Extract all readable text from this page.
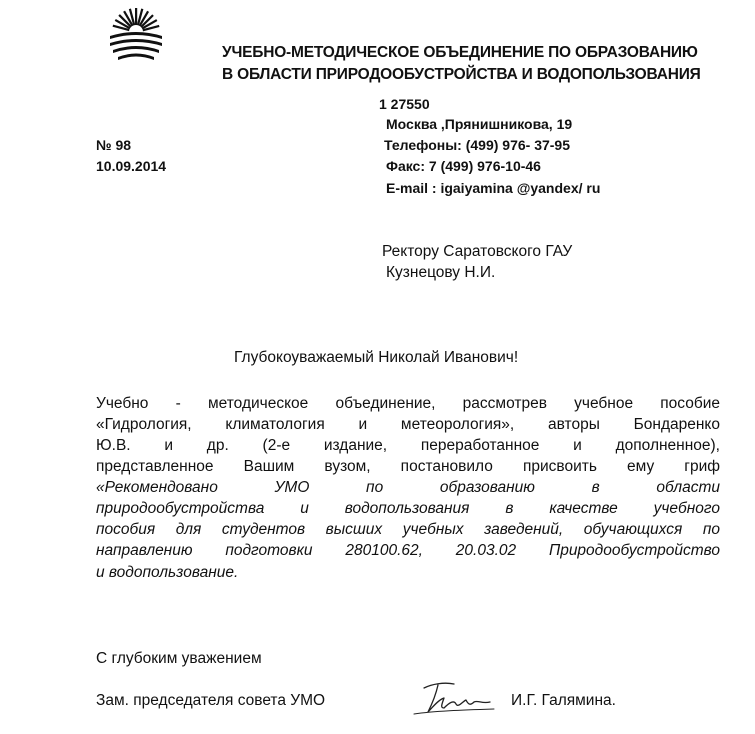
УЧЕБНО-МЕТОДИЧЕСКОЕ ОБЪЕДИНЕНИЕ ПО ОБРАЗОВАНИЮ
В ОБЛАСТИ ПРИРОДООБУСТРОЙСТВА И ВОДОПОЛЬЗОВАНИЯ
1 27550
Москва ,Прянишникова, 19
Телефоны: (499) 976- 37-95
Факс: 7 (499) 976-10-46
E-mail : igaiyamina @yandex/ ru
№ 98
10.09.2014
Ректору Саратовского ГАУ
Кузнецову Н.И.
Глубокоуважаемый Николай Иванович!
Учебно - методическое объединение, рассмотрев учебное пособие
«Гидрология, климатология и метеорология», авторы Бондаренко
Ю.В. и др. (2-е издание, переработанное и дополненное),
представленное Вашим вузом, постановило присвоить ему гриф
«Рекомендовано УМО по образованию в области
природообустройства и водопользования в качестве учебного
пособия для студентов высших учебных заведений, обучающихся по
направлению подготовки 280100.62, 20.03.02 Природообустройство
и водопользование.
С глубоким уважением
Зам. председателя совета УМО	И.Г. Галямина.
